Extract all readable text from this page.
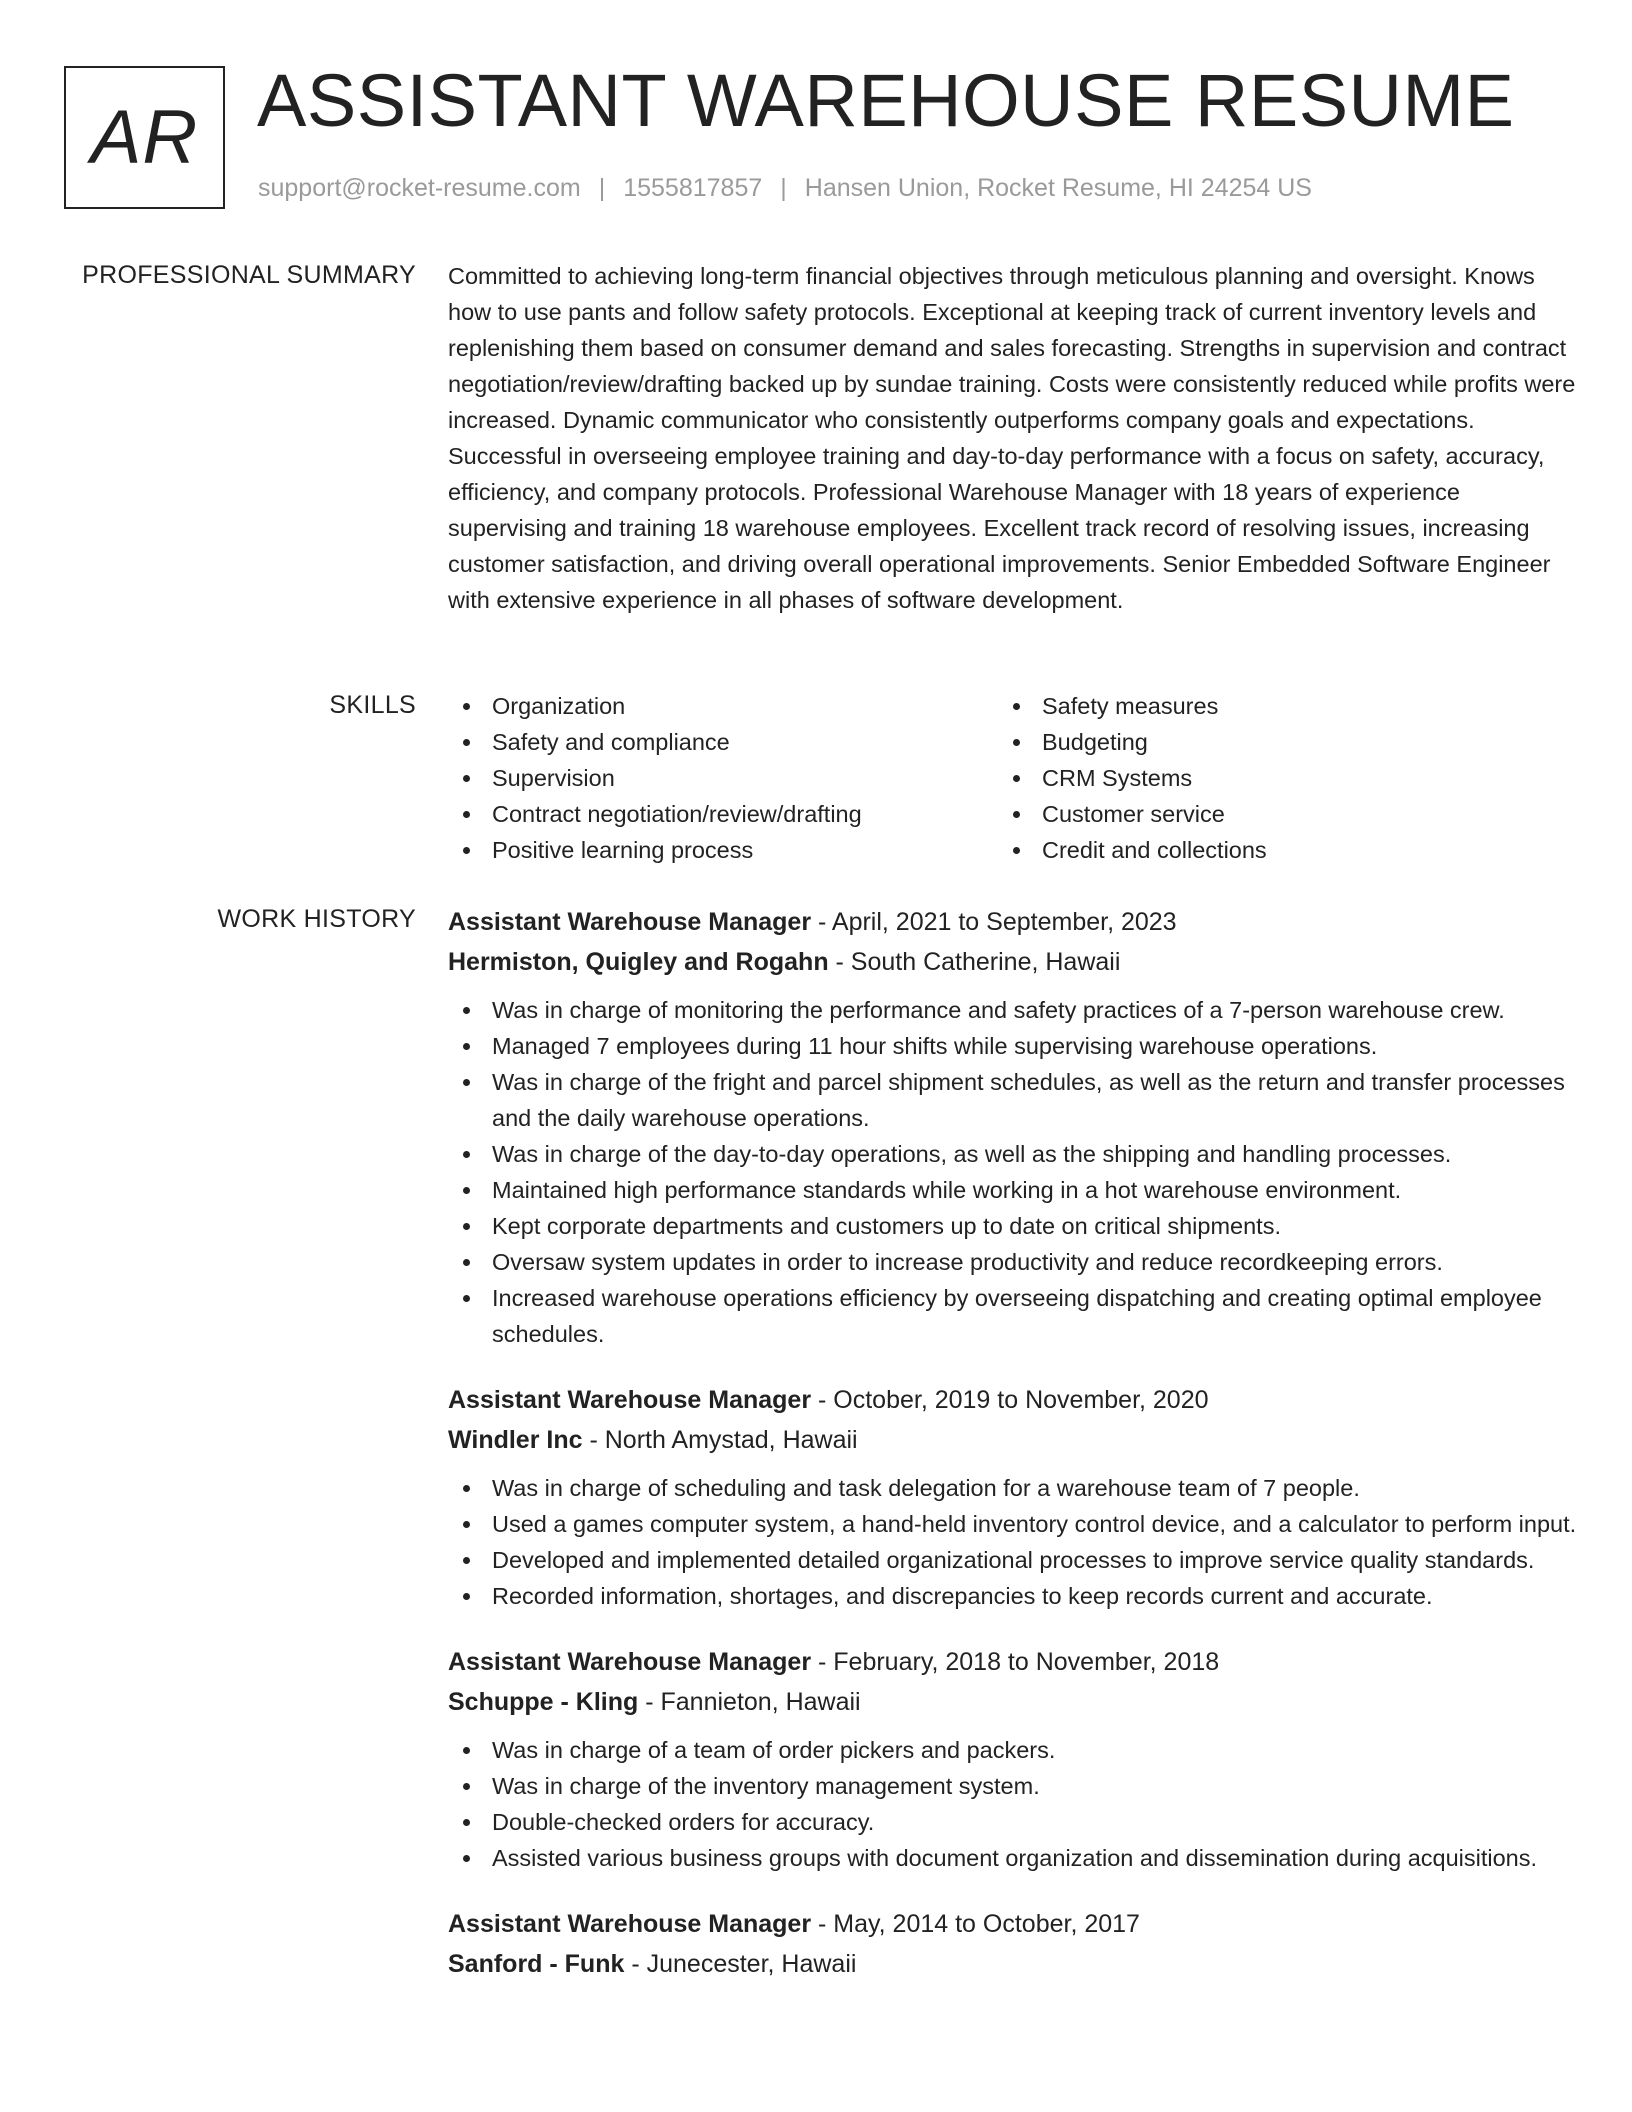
AR ASSISTANT WAREHOUSE RESUME
support@rocket-resume.com | 1555817857 | Hansen Union, Rocket Resume, HI 24254 US
PROFESSIONAL SUMMARY Committed to achieving long-term financial objectives through meticulous planning and oversight. Knows how to use pants and follow safety protocols. Exceptional at keeping track of current inventory levels and replenishing them based on consumer demand and sales forecasting. Strengths in supervision and contract negotiation/review/drafting backed up by sundae training. Costs were consistently reduced while profits were increased. Dynamic communicator who consistently outperforms company goals and expectations. Successful in overseeing employee training and day-to-day performance with a focus on safety, accuracy, efficiency, and company protocols. Professional Warehouse Manager with 18 years of experience supervising and training 18 warehouse employees. Excellent track record of resolving issues, increasing customer satisfaction, and driving overall operational improvements. Senior Embedded Software Engineer with extensive experience in all phases of software development.

SKILLS	Organization
Safety and compliance
Supervision
Contract negotiation/review/drafting
Positive learning process
Safety measures
Budgeting
CRM Systems
Customer service
Credit and collections
WORK HISTORY Assistant Warehouse Manager - April, 2021 to September, 2023
Hermiston, Quigley and Rogahn - South Catherine, Hawaii
Was in charge of monitoring the performance and safety practices of a 7-person warehouse crew.
Managed 7 employees during 11 hour shifts while supervising warehouse operations.
Was in charge of the fright and parcel shipment schedules, as well as the return and transfer processes and the daily warehouse operations.
Was in charge of the day-to-day operations, as well as the shipping and handling processes.
Maintained high performance standards while working in a hot warehouse environment.
Kept corporate departments and customers up to date on critical shipments.
Oversaw system updates in order to increase productivity and reduce recordkeeping errors.
Increased warehouse operations efficiency by overseeing dispatching and creating optimal employee schedules.
Assistant Warehouse Manager - October, 2019 to November, 2020
Windler Inc - North Amystad, Hawaii
Was in charge of scheduling and task delegation for a warehouse team of 7 people.
Used a games computer system, a hand-held inventory control device, and a calculator to perform input.
Developed and implemented detailed organizational processes to improve service quality standards.
Recorded information, shortages, and discrepancies to keep records current and accurate.
Assistant Warehouse Manager - February, 2018 to November, 2018
Schuppe - Kling - Fannieton, Hawaii
Was in charge of a team of order pickers and packers.
Was in charge of the inventory management system.
Double-checked orders for accuracy.
Assisted various business groups with document organization and dissemination during acquisitions.
Assistant Warehouse Manager - May, 2014 to October, 2017
Sanford - Funk - Junecester, Hawaii
